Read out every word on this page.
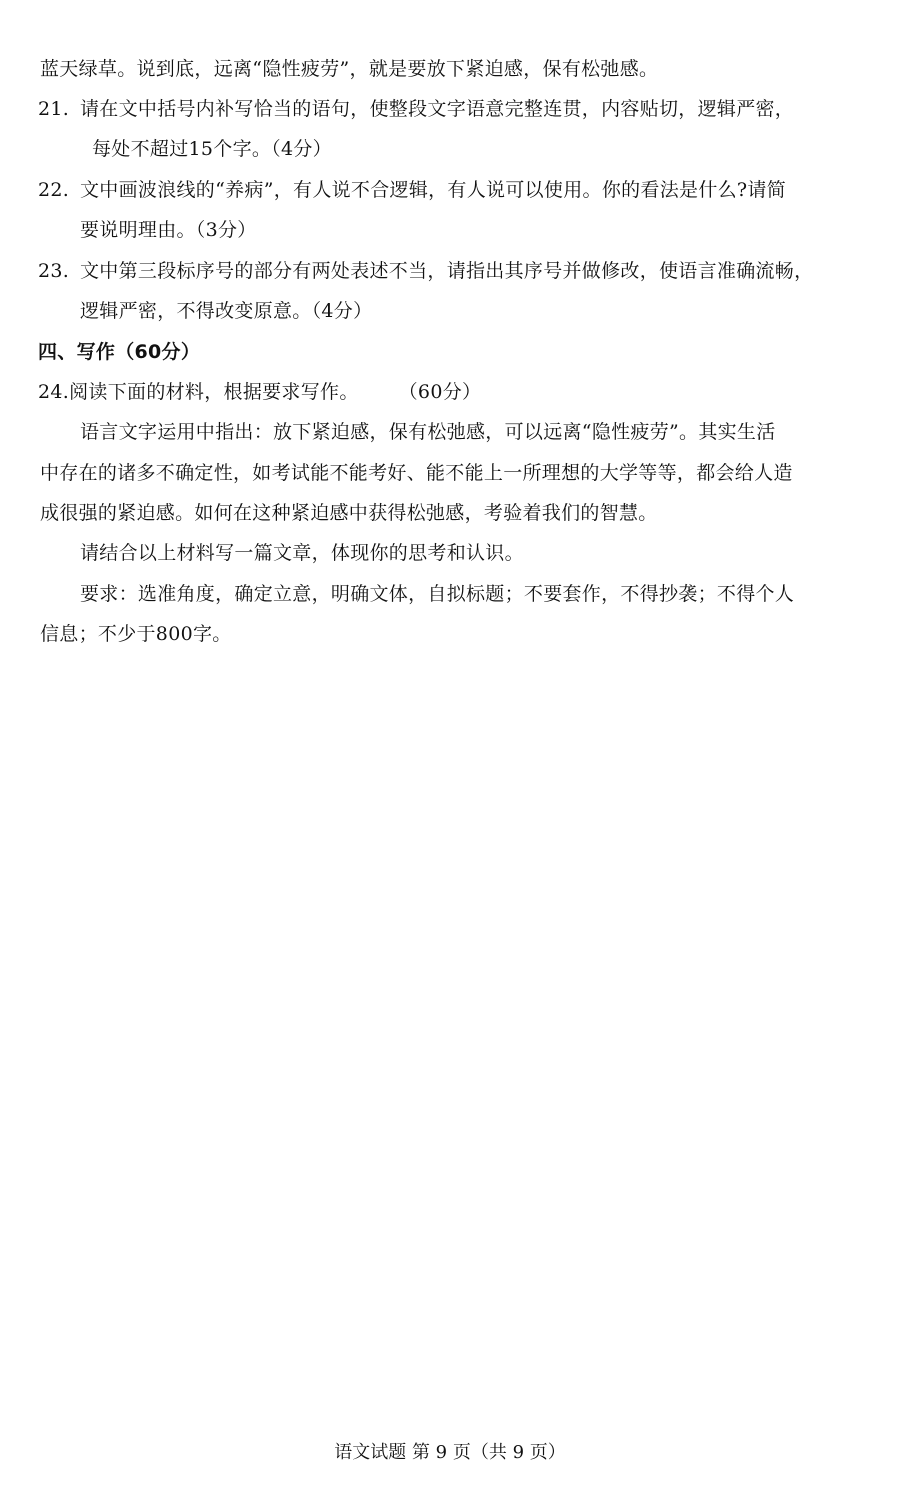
蓝天绿草。说到底，远离“隐性疲劳”，就是要放下紧迫感，保有松弛感。
21. 请在文中括号内补写恰当的语句，使整段文字语意完整连贯，内容贴切，逻辑严密，
每处不超过15个字。（4分）
22. 文中画波浪线的“养病”，有人说不合逻辑，有人说可以使用。你的看法是什么?请简
要说明理由。（3分）
23. 文中第三段标序号的部分有两处表述不当，请指出其序号并做修改，使语言准确流畅，
逻辑严密，不得改变原意。（4分）
四、写作（60分）
24.阅读下面的材料，根据要求写作。 （60分）
语言文字运用中指出：放下紧迫感，保有松弛感，可以远离“隐性疲劳”。其实生活
中存在的诸多不确定性，如考试能不能考好、能不能上一所理想的大学等等，都会给人造
成很强的紧迫感。如何在这种紧迫感中获得松弛感，考验着我们的智慧。
请结合以上材料写一篇文章，体现你的思考和认识。
要求：选准角度，确定立意，明确文体，自拟标题；不要套作，不得抄袭；不得个人
信息；不少于800字。
语文试题 第 9 页（共 9 页）
